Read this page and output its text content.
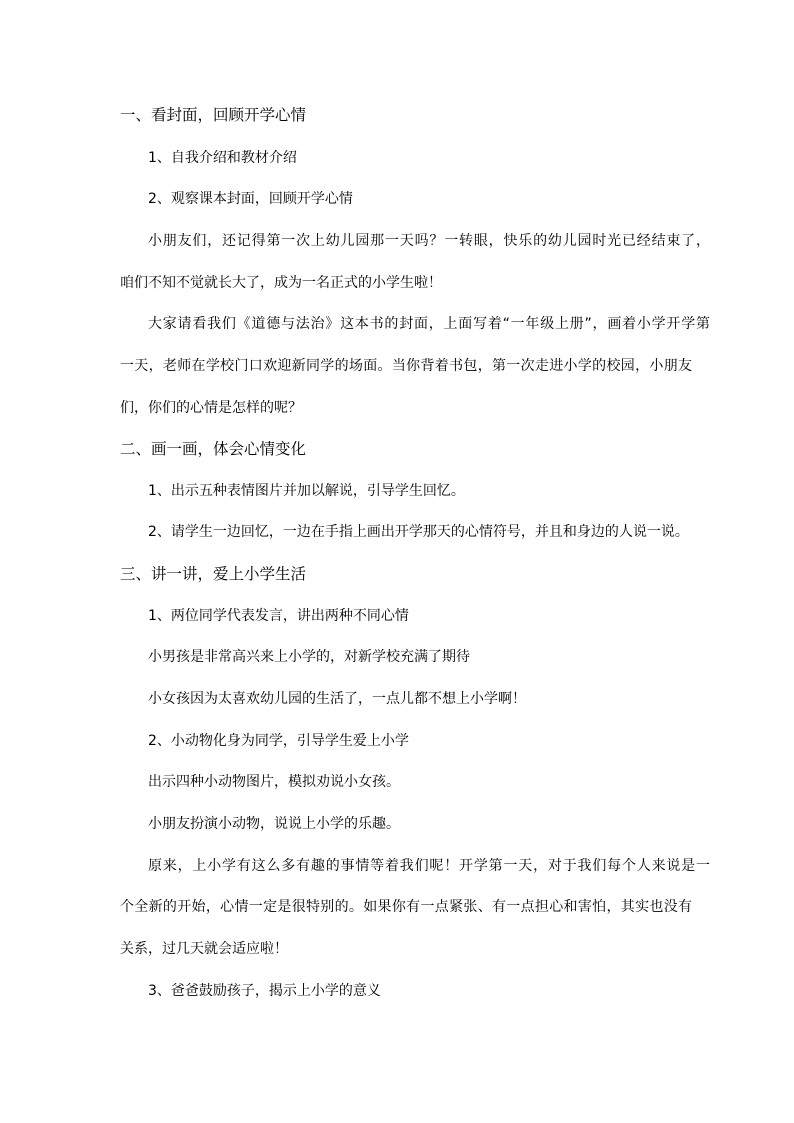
一、看封面，回顾开学心情
1、自我介绍和教材介绍
2、观察课本封面，回顾开学心情
小朋友们，还记得第一次上幼儿园那一天吗？一转眼，快乐的幼儿园时光已经结束了，
咱们不知不觉就长大了，成为一名正式的小学生啦！
大家请看我们《道德与法治》这本书的封面，上面写着“一年级上册”，画着小学开学第
一天，老师在学校门口欢迎新同学的场面。当你背着书包，第一次走进小学的校园，小朋友
们，你们的心情是怎样的呢？
二、画一画，体会心情变化
1、出示五种表情图片并加以解说，引导学生回忆。
2、请学生一边回忆，一边在手指上画出开学那天的心情符号，并且和身边的人说一说。
三、讲一讲，爱上小学生活
1、两位同学代表发言，讲出两种不同心情
小男孩是非常高兴来上小学的，对新学校充满了期待
小女孩因为太喜欢幼儿园的生活了，一点儿都不想上小学啊！
2、小动物化身为同学，引导学生爱上小学
出示四种小动物图片，模拟劝说小女孩。
小朋友扮演小动物，说说上小学的乐趣。
原来，上小学有这么多有趣的事情等着我们呢！开学第一天，对于我们每个人来说是一
个全新的开始，心情一定是很特别的。如果你有一点紧张、有一点担心和害怕，其实也没有
关系，过几天就会适应啦！
3、爸爸鼓励孩子，揭示上小学的意义
